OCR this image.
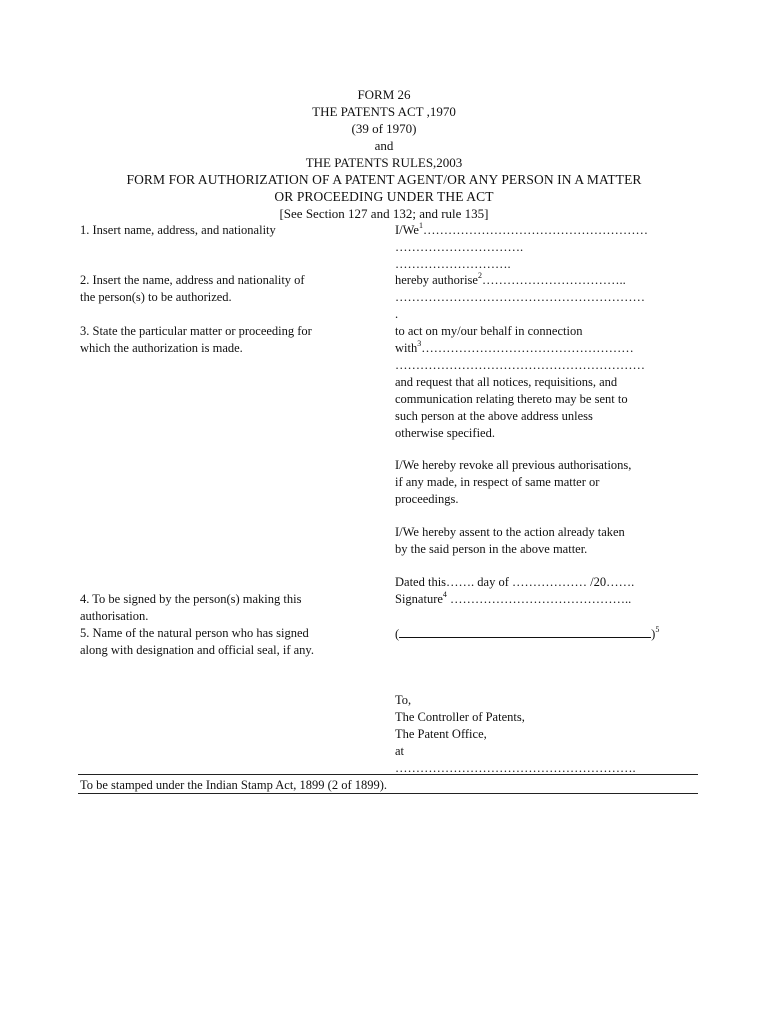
FORM 26
THE PATENTS ACT ,1970
(39 of 1970)
and
THE PATENTS RULES,2003
FORM FOR AUTHORIZATION OF A PATENT AGENT/OR ANY PERSON IN A MATTER
OR PROCEEDING UNDER THE ACT
[See Section 127 and 132; and rule 135]
1. Insert name, address, and nationality
2. Insert the name, address and nationality of
the person(s) to be authorized.
3. State the particular matter or proceeding for
which the authorization is made.
4. To be signed by the person(s) making this
authorisation.
5. Name of the natural person who has signed
along with designation and official seal, if any.
I/We$^1$………………………………………………
………………………….
……………………….
hereby authorise$^2$……………………………..
……………………………………………………
.
to act on my/our behalf in connection
with$^3$……………………………………………
……………………………………………………
and request that all notices, requisitions, and
communication relating thereto may be sent to
such person at the above address unless
otherwise specified.
I/We hereby revoke all previous authorisations,
if any made, in respect of same matter or
proceedings.
I/We hereby assent to the action already taken
by the said person in the above matter.
Dated this……. day of ……………… /20…….
Signature$^4$ ……………………………………..
(	)$^5$
To,
The Controller of Patents,
The Patent Office,
at
………………………………………………….
To be stamped under the Indian Stamp Act, 1899 (2 of 1899).
